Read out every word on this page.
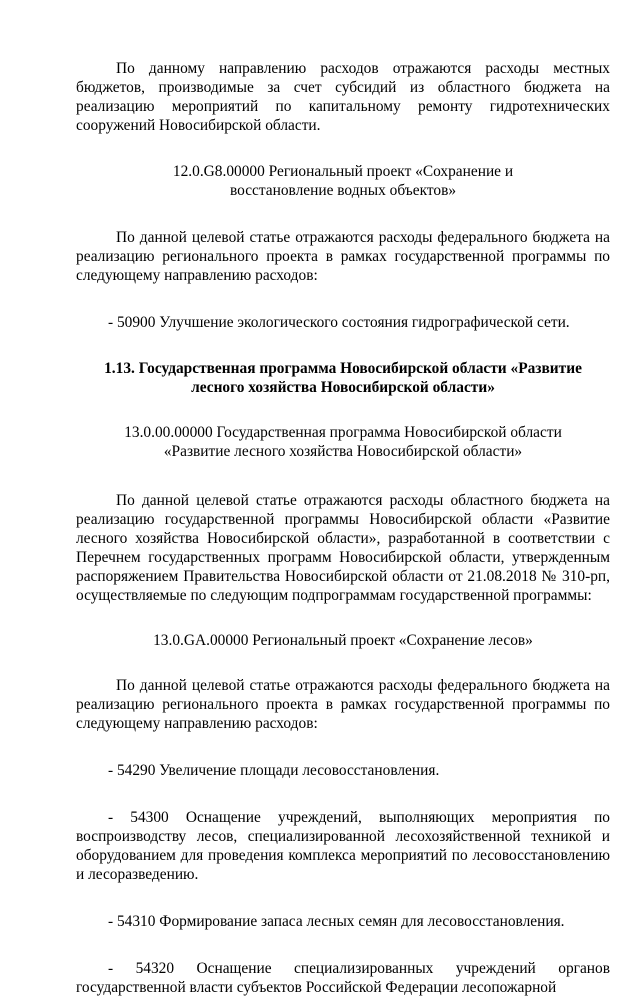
По данному направлению расходов отражаются расходы местных бюджетов, производимые за счет субсидий из областного бюджета на реализацию мероприятий по капитальному ремонту гидротехнических сооружений Новосибирской области.

12.0.G8.00000 Региональный проект «Сохранение и
восстановление водных объектов»

По данной целевой статье отражаются расходы федерального бюджета на реализацию регионального проекта в рамках государственной программы по следующему направлению расходов:

- 50900 Улучшение экологического состояния гидрографической сети.

1.13. Государственная программа Новосибирской области «Развитие
лесного хозяйства Новосибирской области»
13.0.00.00000 Государственная программа Новосибирской области
«Развитие лесного хозяйства Новосибирской области»

По данной целевой статье отражаются расходы областного бюджета на реализацию государственной программы Новосибирской области «Развитие лесного хозяйства Новосибирской области», разработанной в соответствии с Перечнем государственных программ Новосибирской области, утвержденным распоряжением Правительства Новосибирской области от 21.08.2018 № 310-рп, осуществляемые по следующим подпрограммам государственной программы:

13.0.GA.00000 Региональный проект «Сохранение лесов»

По данной целевой статье отражаются расходы федерального бюджета на реализацию регионального проекта в рамках государственной программы по следующему направлению расходов:

- 54290 Увеличение площади лесовосстановления.

- 54300 Оснащение учреждений, выполняющих мероприятия по воспроизводству лесов, специализированной лесохозяйственной техникой и оборудованием для проведения комплекса мероприятий по лесовосстановлению и лесоразведению.

- 54310 Формирование запаса лесных семян для лесовосстановления.

- 54320 Оснащение специализированных учреждений органов государственной власти субъектов Российской Федерации лесопожарной
